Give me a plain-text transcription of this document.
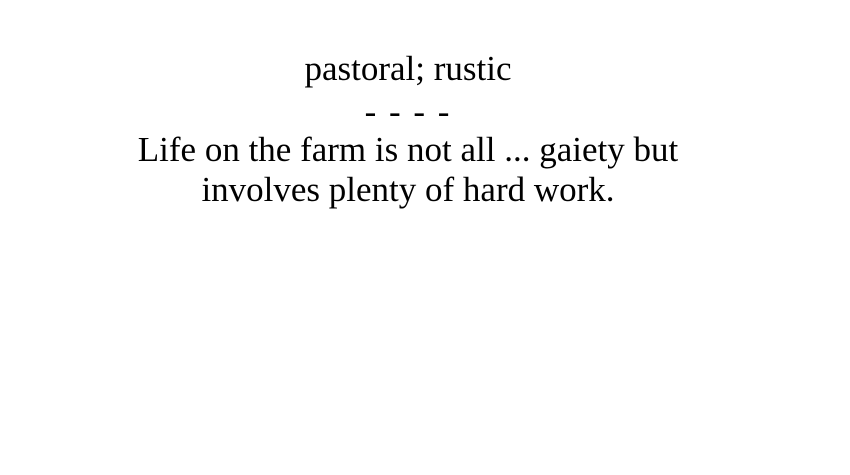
pastoral; rustic

- - - -

Life on the farm is not all ... gaiety but

involves plenty of hard work.
